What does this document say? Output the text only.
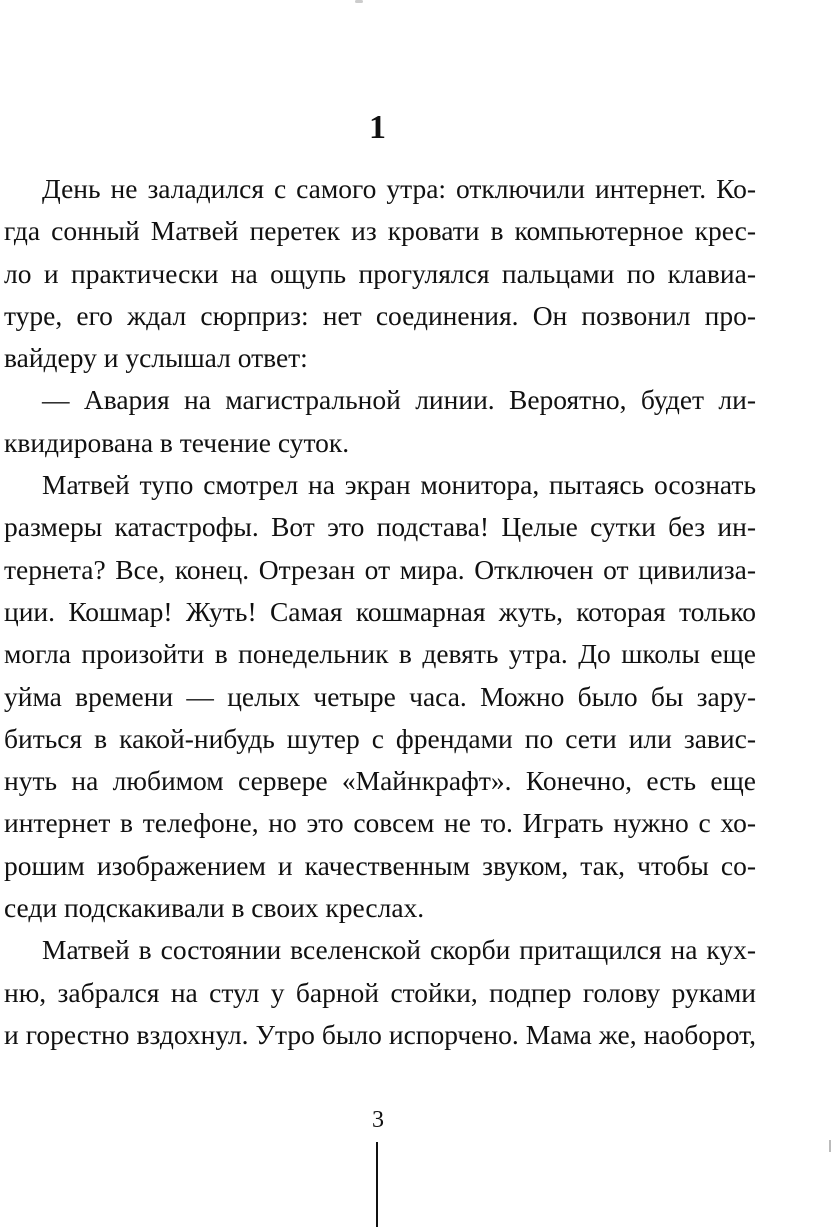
1
День не заладился с самого утра: отключили интернет. Ко-
гда сонный Матвей перетек из кровати в компьютерное крес-
ло и практически на ощупь прогулялся пальцами по клавиа-
туре, его ждал сюрприз: нет соединения. Он позвонил про-
вайдеру и услышал ответ:
— Авария на магистральной линии. Вероятно, будет ли-
квидирована в течение суток.
Матвей тупо смотрел на экран монитора, пытаясь осознать
размеры катастрофы. Вот это подстава! Целые сутки без ин-
тернета? Все, конец. Отрезан от мира. Отключен от цивилиза-
ции. Кошмар! Жуть! Самая кошмарная жуть, которая только
могла произойти в понедельник в девять утра. До школы еще
уйма времени — целых четыре часа. Можно было бы зару-
биться в какой-нибудь шутер с френдами по сети или завис-
нуть на любимом сервере «Майнкрафт». Конечно, есть еще
интернет в телефоне, но это совсем не то. Играть нужно с хо-
рошим изображением и качественным звуком, так, чтобы со-
седи подскакивали в своих креслах.
Матвей в состоянии вселенской скорби притащился на кух-
ню, забрался на стул у барной стойки, подпер голову руками
и горестно вздохнул. Утро было испорчено. Мама же, наоборот,
3
